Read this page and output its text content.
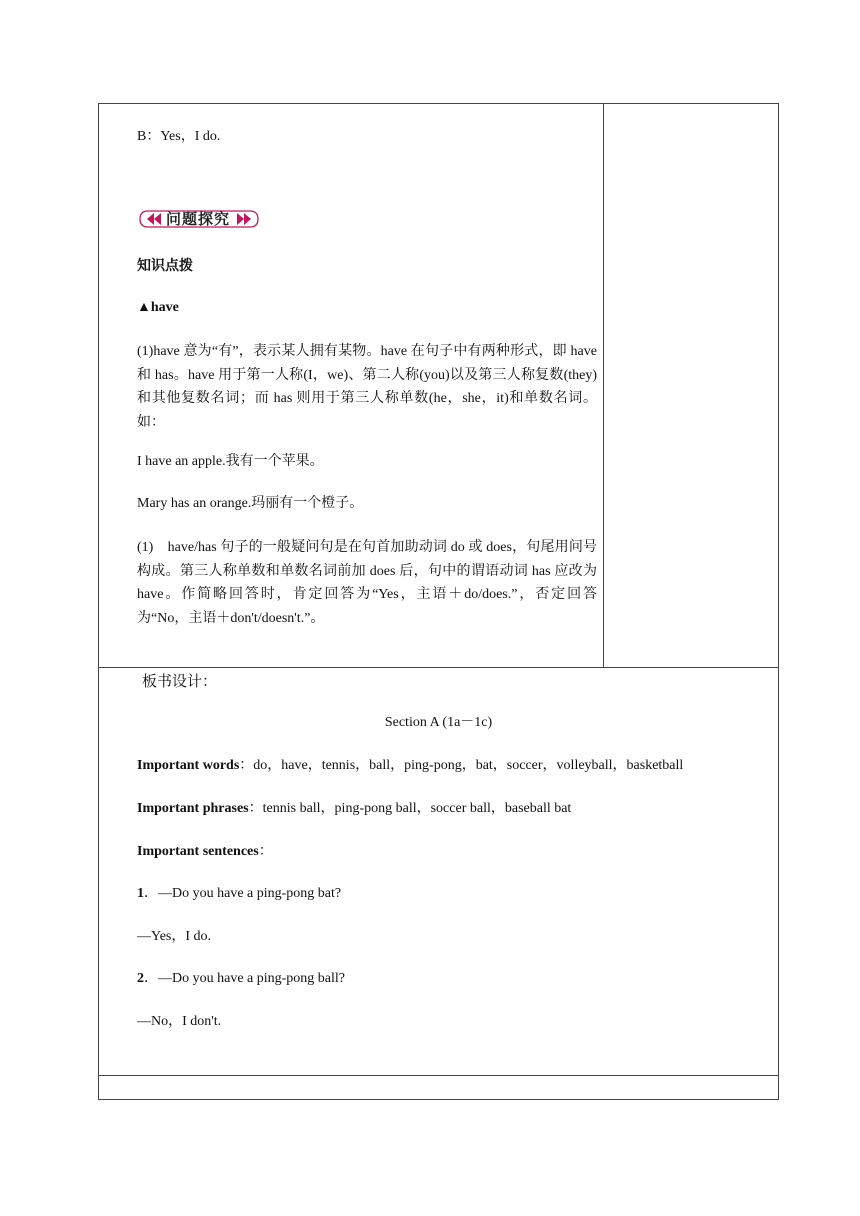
B：Yes，I do.
问题探究
知识点拨
▲have
(1)have 意为“有”，表示某人拥有某物。have 在句子中有两种形式，即 have 和 has。have 用于第一人称(I，we)、第二人称(you)以及第三人称复数(they)和其他复数名词；而 has 则用于第三人称单数(he，she，it)和单数名词。如：
I have an apple.我有一个苹果。
Mary has an orange.玛丽有一个橙子。
(1)　have/has 句子的一般疑问句是在句首加助动词 do 或 does，句尾用问号构成。第三人称单数和单数名词前加 does 后，句中的谓语动词 has 应改为 have。作简略回答时，肯定回答为“Yes，主语＋do/does.”，否定回答为“No，主语＋don't/doesn't.”。
板书设计：
Section A (1a－1c)
Important words：do，have，tennis，ball，ping-pong，bat，soccer，volleyball，basketball
Important phrases：tennis ball，ping-pong ball，soccer ball，baseball bat
Important sentences：
1．—Do you have a ping-pong bat?
—Yes，I do.
2．—Do you have a ping-pong ball?
—No，I don't.
